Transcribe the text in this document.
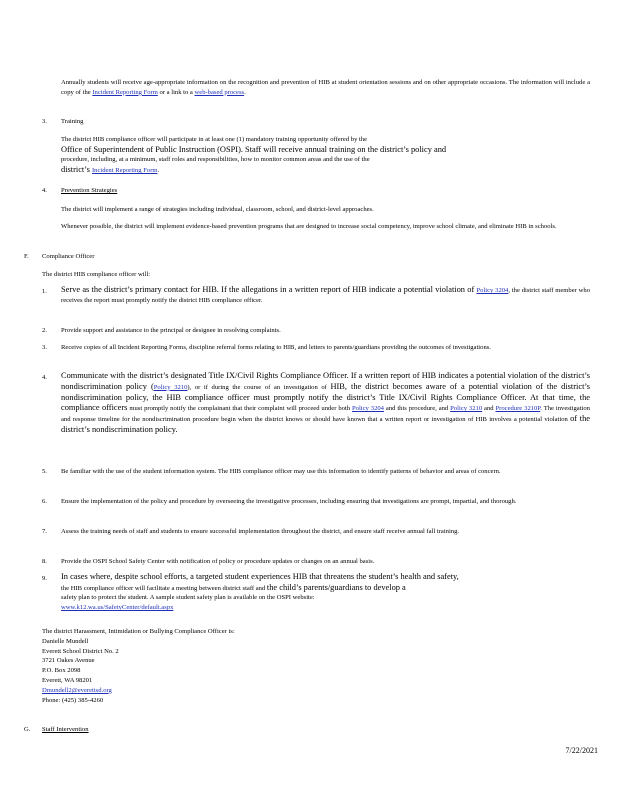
Annually students will receive age-appropriate information on the recognition and prevention of HIB at student orientation sessions and on other appropriate occasions. The information will include a copy of the Incident Reporting Form or a link to a web-based process.
3. Training
The district HIB compliance officer will participate in at least one (1) mandatory training opportunity offered by the
Office of Superintendent of Public Instruction (OSPI). Staff will receive annual training on the district’s policy and
procedure, including, at a minimum, staff roles and responsibilities, how to monitor common areas and the use of the
district’s Incident Reporting Form.
4. Prevention Strategies
The district will implement a range of strategies including individual, classroom, school, and district-level approaches.
Whenever possible, the district will implement evidence-based prevention programs that are designed to increase social competency, improve school climate, and eliminate HIB in schools.
F. Compliance Officer
The district HIB compliance officer will:
1. Serve as the district’s primary contact for HIB. If the allegations in a written report of HIB indicate a potential violation of Policy 3204, the district staff member who receives the report must promptly notify the district HIB compliance officer.
2. Provide support and assistance to the principal or designee in resolving complaints.
3. Receive copies of all Incident Reporting Forms, discipline referral forms relating to HIB, and letters to parents/guardians providing the outcomes of investigations.
4. Communicate with the district’s designated Title IX/Civil Rights Compliance Officer. If a written report of HIB indicates a potential violation of the district’s nondiscrimination policy (Policy 3210), or if during the course of an investigation of HIB, the district becomes aware of a potential violation of the district’s nondiscrimination policy, the HIB compliance officer must promptly notify the district’s Title IX/Civil Rights Compliance Officer. At that time, the compliance officers must promptly notify the complainant that their complaint will proceed under both Policy 3204 and this procedure, and Policy 3210 and Procedure 3210P. The investigation and response timeline for the nondiscrimination procedure begin when the district knows or should have known that a written report or investigation of HIB involves a potential violation of the district’s nondiscrimination policy.
5. Be familiar with the use of the student information system. The HIB compliance officer may use this information to identify patterns of behavior and areas of concern.
6. Ensure the implementation of the policy and procedure by overseeing the investigative processes, including ensuring that investigations are prompt, impartial, and thorough.
7. Assess the training needs of staff and students to ensure successful implementation throughout the district, and ensure staff receive annual fall training.
8. Provide the OSPI School Safety Center with notification of policy or procedure updates or changes on an annual basis.
9. In cases where, despite school efforts, a targeted student experiences HIB that threatens the student’s health and safety,
the HIB compliance officer will facilitate a meeting between district staff and the child’s parents/guardians to develop a
safety plan to protect the student. A sample student safety plan is available on the OSPI website:
www.k12.wa.us/SafetyCenter/default.aspx
The district Harassment, Intimidation or Bullying Compliance Officer is:
Danielle Mundell
Everett School District No. 2
3721 Oakes Avenue
P.O. Box 2098
Everett, WA 98201
Dmundell2@everettsd.org
Phone: (425) 385-4260
G. Staff Intervention
7/22/2021
